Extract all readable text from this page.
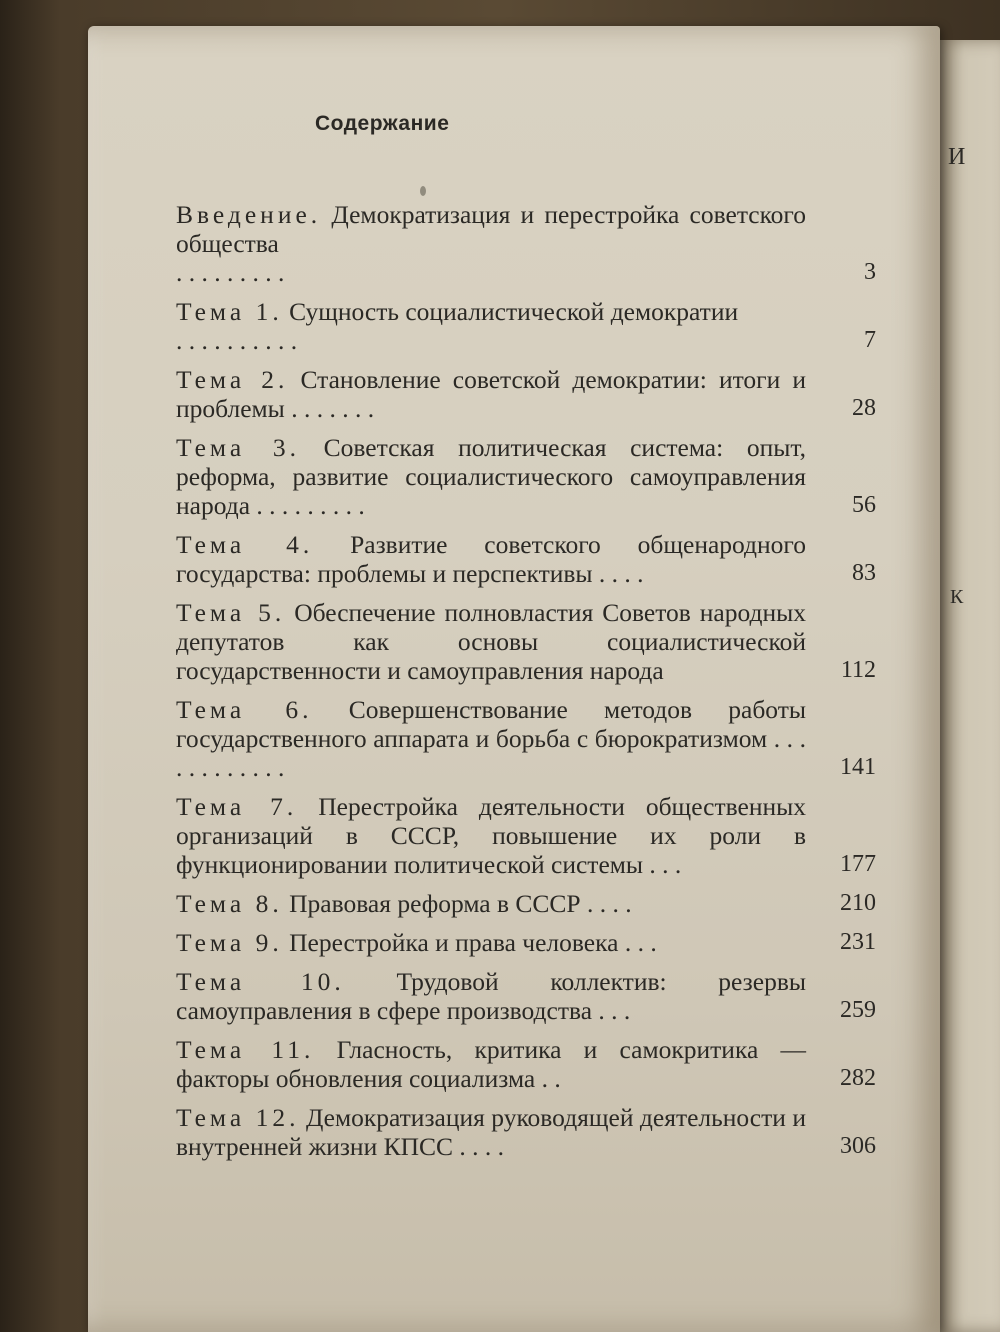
И
К
Содержание
Введение. Демократизация и перестройка советского общества
. . . . . . . . .	3
Тема 1. Сущность социалистической демократии
. . . . . . . . . .	7
Тема 2. Становление советской демократии: итоги и проблемы . . . . . . .	28
Тема 3. Советская политическая система: опыт, реформа, развитие социалистического самоуправления народа . . . . . . . . .	56
Тема 4. Развитие советского общенародного государства: проблемы и перспективы . . . .	83
Тема 5. Обеспечение полновластия Советов народных депутатов как основы социалистической государственности и самоуправления народа	112
Тема 6. Совершенствование методов работы государственного аппарата и борьба с бюрократизмом . . . . . . . . . . . .	141
Тема 7. Перестройка деятельности общественных организаций в СССР, повышение их роли в функционировании политической системы . . .	177
Тема 8. Правовая реформа в СССР . . . .	210
Тема 9. Перестройка и права человека . . .	231
Тема 10. Трудовой коллектив: резервы самоуправления в сфере производства . . .	259
Тема 11. Гласность, критика и самокритика — факторы обновления социализма . .	282
Тема 12. Демократизация руководящей деятельности и внутренней жизни КПСС . . . .	306
